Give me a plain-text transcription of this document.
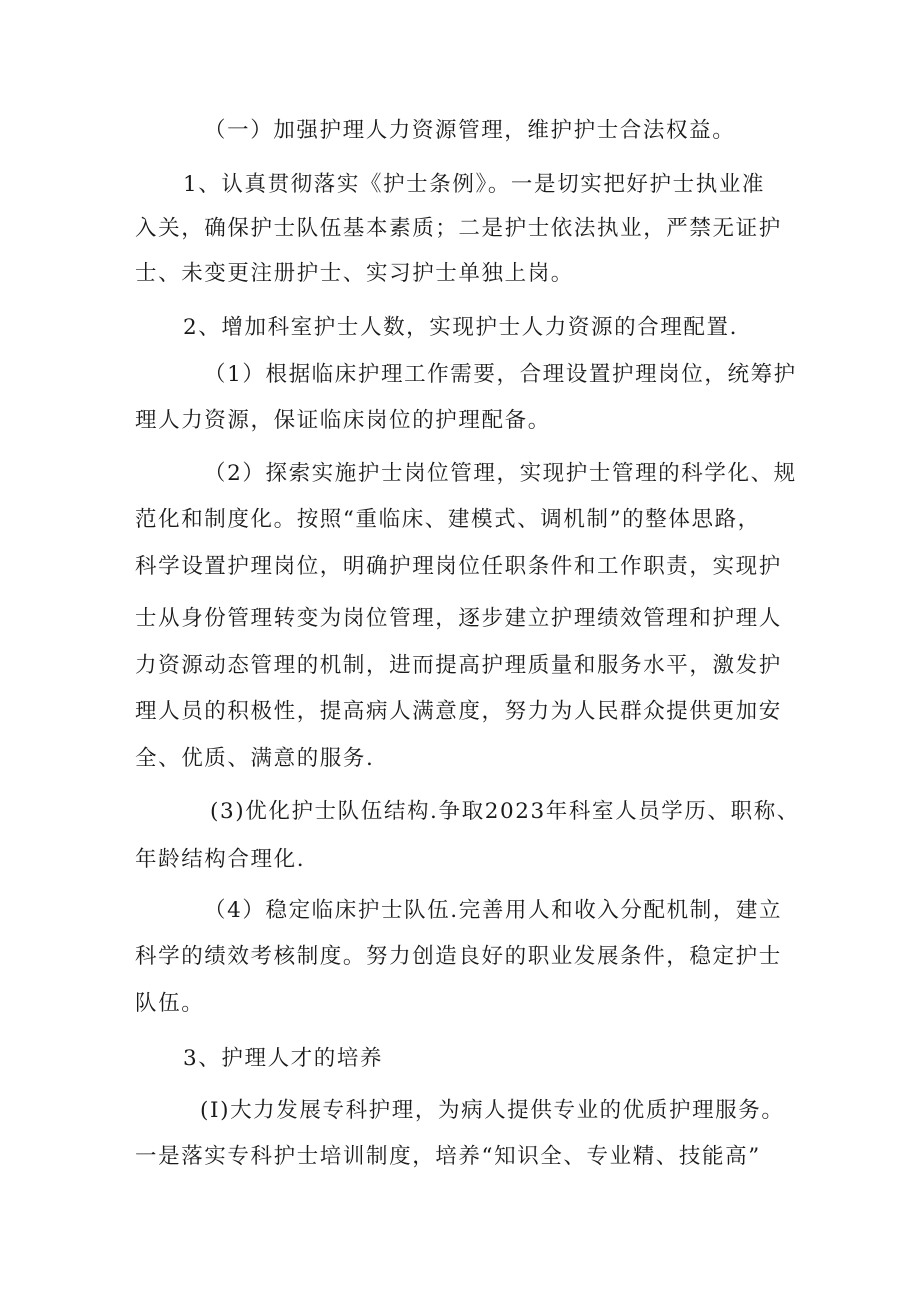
（一）加强护理人力资源管理，维护护士合法权益。
1、认真贯彻落实《护士条例》。一是切实把好护士执业准
入关，确保护士队伍基本素质；二是护士依法执业，严禁无证护
士、未变更注册护士、实习护士单独上岗。
2、增加科室护士人数，实现护士人力资源的合理配置.
（1）根据临床护理工作需要，合理设置护理岗位，统筹护
理人力资源，保证临床岗位的护理配备。
（2）探索实施护士岗位管理，实现护士管理的科学化、规
范化和制度化。按照“重临床、建模式、调机制”的整体思路，
科学设置护理岗位，明确护理岗位任职条件和工作职责，实现护
士从身份管理转变为岗位管理，逐步建立护理绩效管理和护理人
力资源动态管理的机制，进而提高护理质量和服务水平，激发护
理人员的积极性，提高病人满意度，努力为人民群众提供更加安
全、优质、满意的服务.
(3)优化护士队伍结构.争取2023年科室人员学历、职称、
年龄结构合理化.
（4）稳定临床护士队伍.完善用人和收入分配机制，建立
科学的绩效考核制度。努力创造良好的职业发展条件，稳定护士
队伍。
3、护理人才的培养
(I)大力发展专科护理，为病人提供专业的优质护理服务。
一是落实专科护士培训制度，培养“知识全、专业精、技能高”
